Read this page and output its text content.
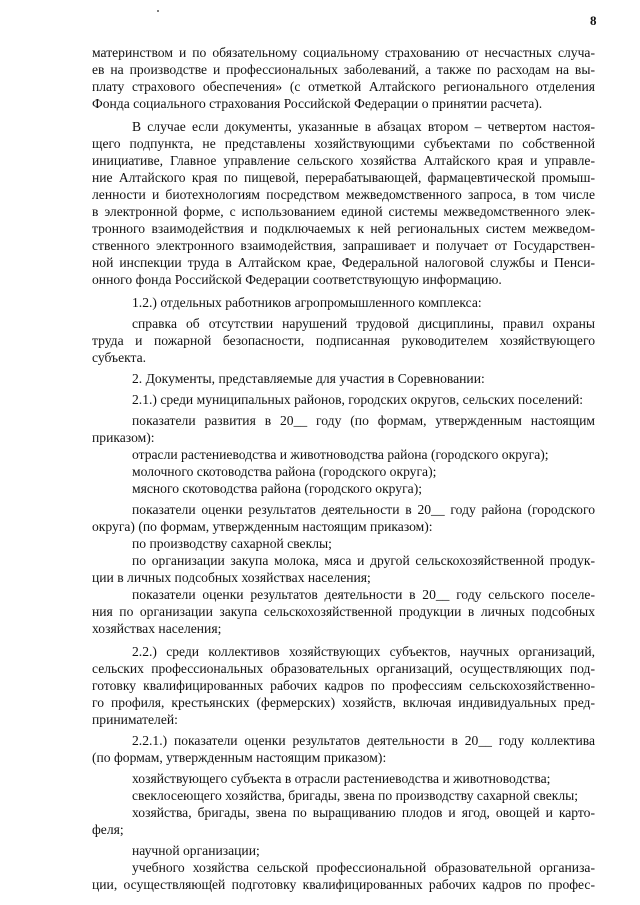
8
материнством и по обязательному социальному страхованию от несчастных случа-
ев на производстве и профессиональных заболеваний, а также по расходам на вы-
плату страхового обеспечения» (с отметкой Алтайского регионального отделения
Фонда социального страхования Российской Федерации о принятии расчета).
В случае если документы, указанные в абзацах втором – четвертом настоя-
щего подпункта, не представлены хозяйствующими субъектами по собственной
инициативе, Главное управление сельского хозяйства Алтайского края и управле-
ние Алтайского края по пищевой, перерабатывающей, фармацевтической промыш-
ленности и биотехнологиям посредством межведомственного запроса, в том числе
в электронной форме, с использованием единой системы межведомственного элек-
тронного взаимодействия и подключаемых к ней региональных систем межведом-
ственного электронного взаимодействия, запрашивает и получает от Государствен-
ной инспекции труда в Алтайском крае, Федеральной налоговой службы и Пенси-
онного фонда Российской Федерации соответствующую информацию.
1.2.) отдельных работников агропромышленного комплекса:
справка об отсутствии нарушений трудовой дисциплины, правил охраны
труда и пожарной безопасности, подписанная руководителем хозяйствующего
субъекта.
2. Документы, представляемые для участия в Соревновании:
2.1.) среди муниципальных районов, городских округов, сельских поселений:
показатели развития в 20__ году (по формам, утвержденным настоящим
приказом):
отрасли растениеводства и животноводства района (городского округа);
молочного скотоводства района (городского округа);
мясного скотоводства района (городского округа);
показатели оценки результатов деятельности в 20__ году района (городского
округа) (по формам, утвержденным настоящим приказом):
по производству сахарной свеклы;
по организации закупа молока, мяса и другой сельскохозяйственной продук-
ции в личных подсобных хозяйствах населения;
показатели оценки результатов деятельности в 20__ году сельского поселе-
ния по организации закупа сельскохозяйственной продукции в личных подсобных
хозяйствах населения;
2.2.) среди коллективов хозяйствующих субъектов, научных организаций,
сельских профессиональных образовательных организаций, осуществляющих под-
готовку квалифицированных рабочих кадров по профессиям сельскохозяйственно-
го профиля, крестьянских (фермерских) хозяйств, включая индивидуальных пред-
принимателей:
2.2.1.) показатели оценки результатов деятельности в 20__ году коллектива
(по формам, утвержденным настоящим приказом):
хозяйствующего субъекта в отрасли растениеводства и животноводства;
свеклосеющего хозяйства, бригады, звена по производству сахарной свеклы;
хозяйства, бригады, звена по выращиванию плодов и ягод, овощей и карто-
феля;
научной организации;
учебного хозяйства сельской профессиональной образовательной организа-
ции, осуществляющей подготовку квалифицированных рабочих кадров по профес-
